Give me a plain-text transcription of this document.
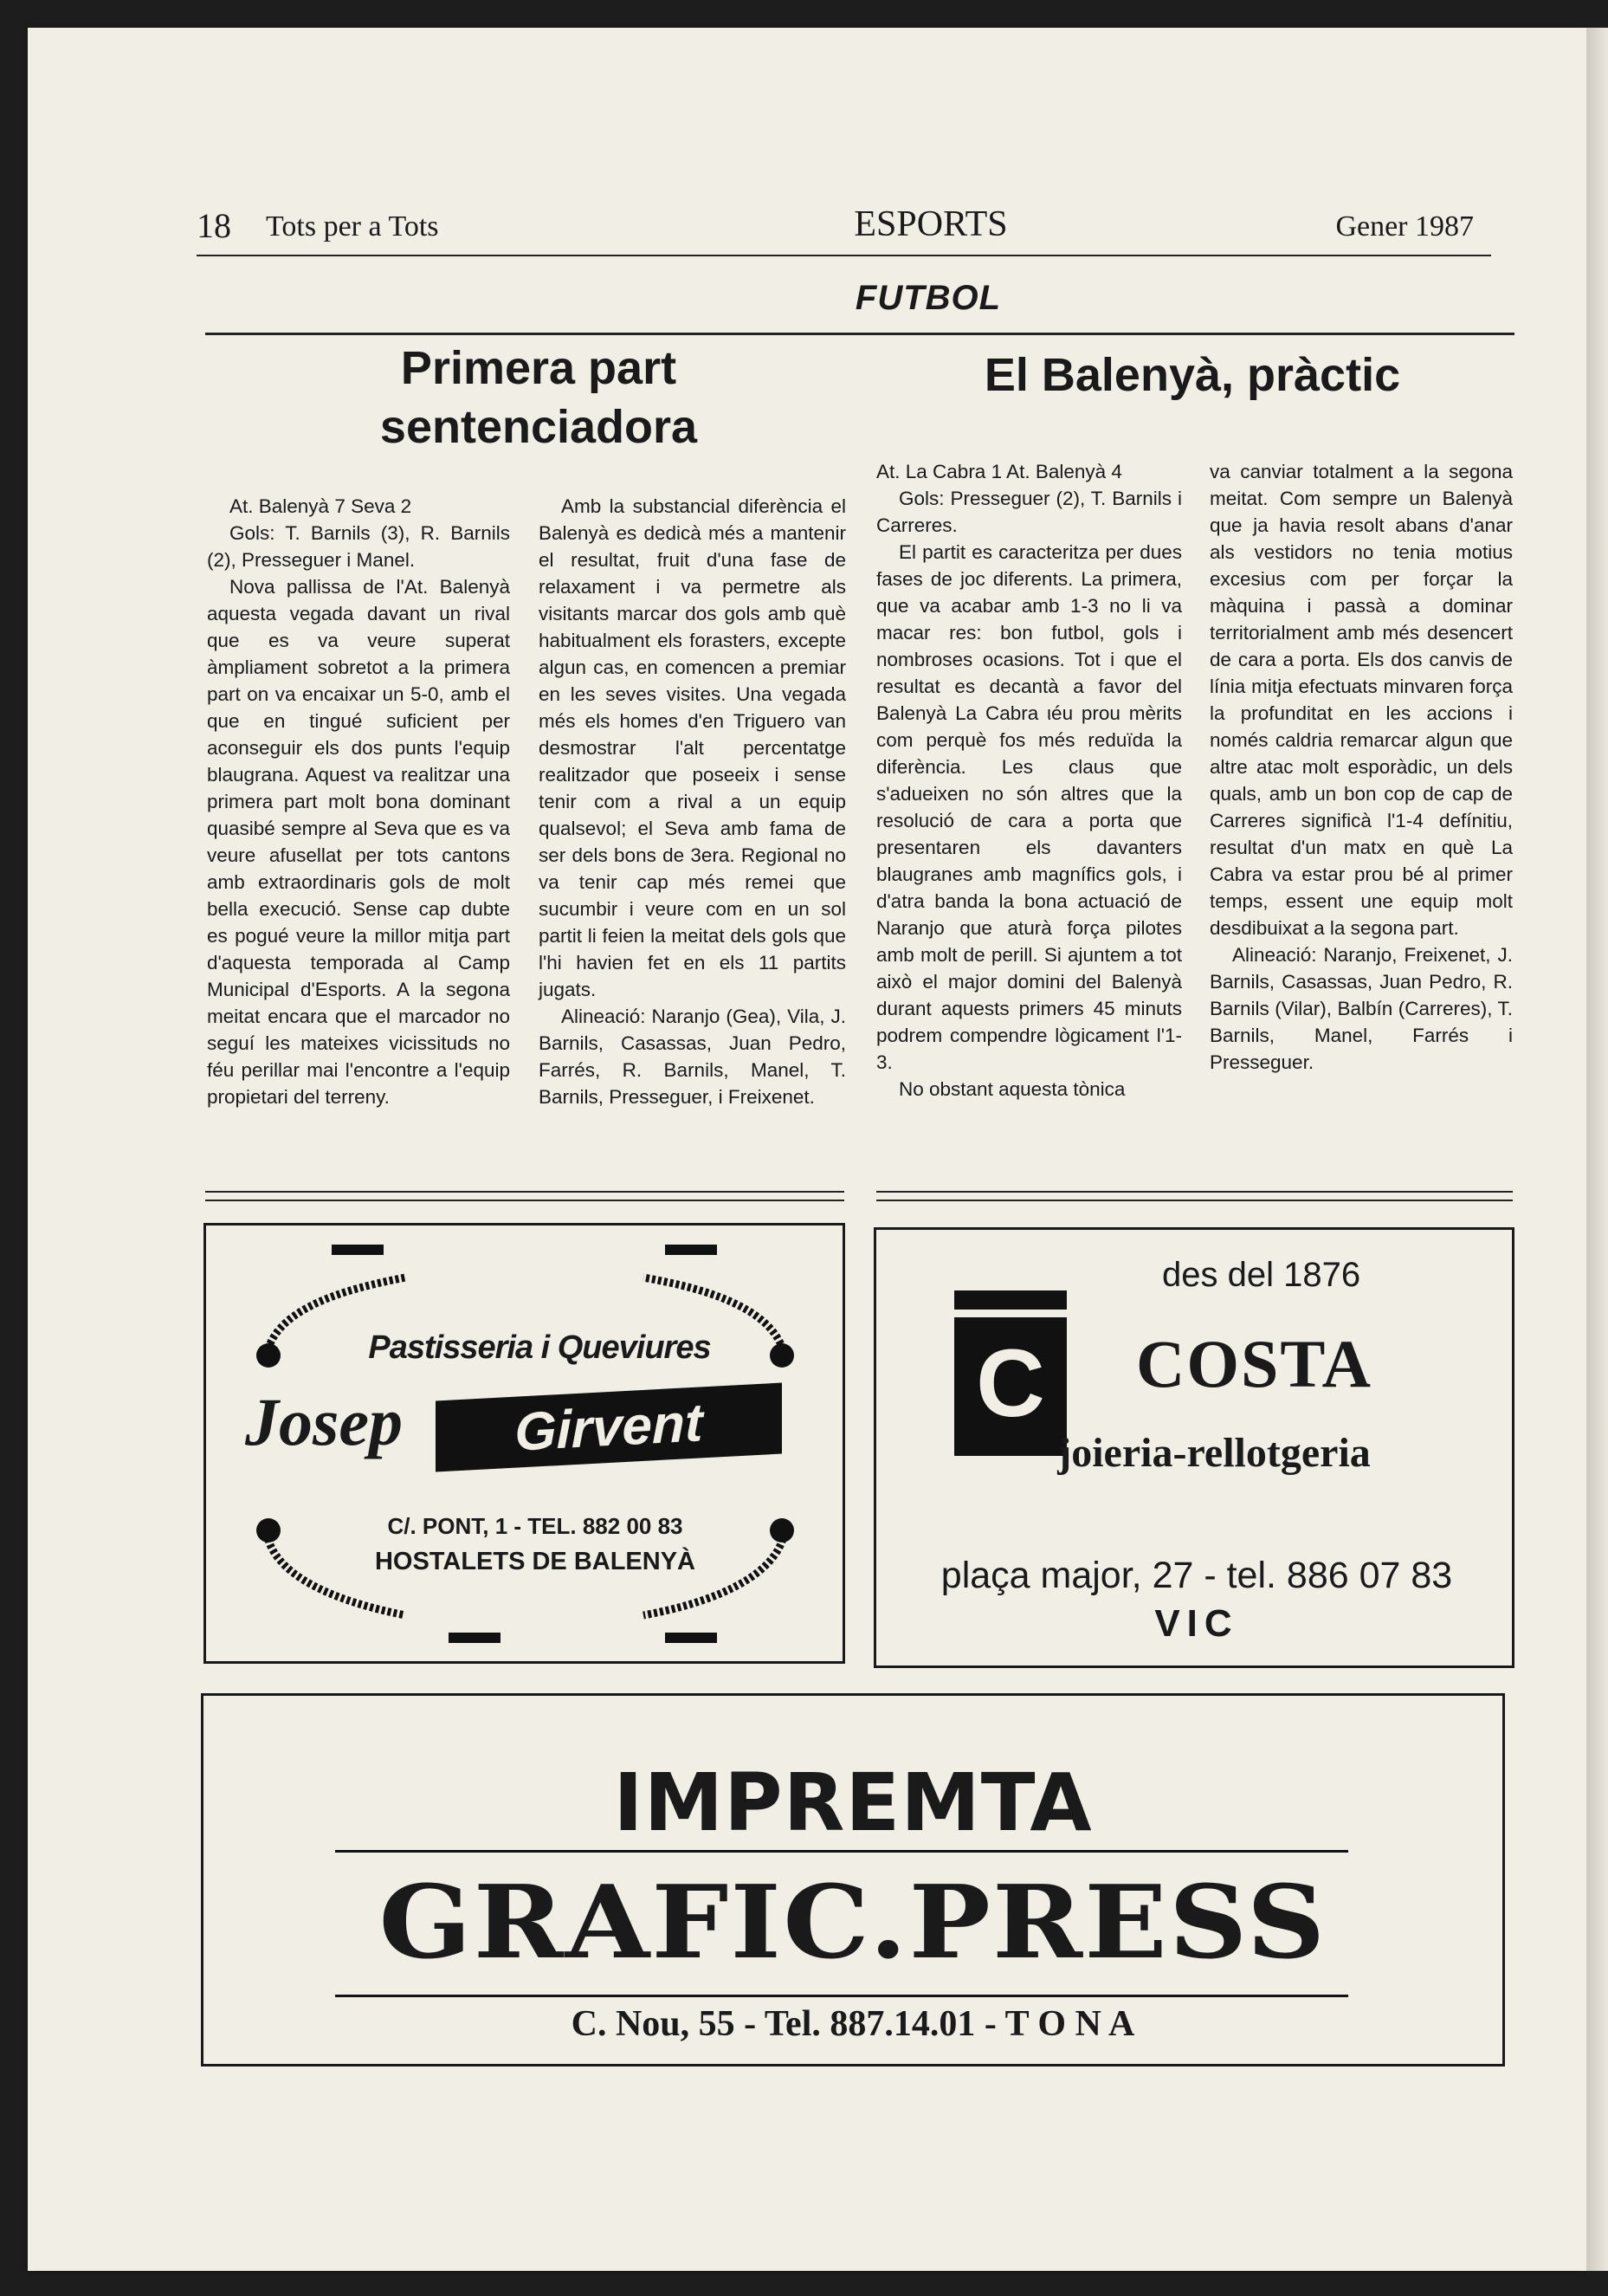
18 Tots per a Tots	ESPORTS	Gener 1987
FUTBOL
Primera part sentenciadora
El Balenyà, pràctic

At. Balenyà 7 Seva 2

Gols: T. Barnils (3), R. Barnils (2), Presseguer i Manel.

Nova pallissa de l'At. Balenyà aquesta vegada davant un rival que es va veure superat àmpliament sobretot a la primera part on va encaixar un 5-0, amb el que en tingué suficient per aconseguir els dos punts l'equip blaugrana. Aquest va realitzar una primera part molt bona dominant quasibé sempre al Seva que es va veure afusellat per tots cantons amb extraordinaris gols de molt bella execució. Sense cap dubte es pogué veure la millor mitja part d'aquesta temporada al Camp Municipal d'Esports. A la segona meitat encara que el marcador no seguí les mateixes vicissituds no féu perillar mai l'encontre a l'equip propietari del terreny.

Amb la substancial diferència el Balenyà es dedicà més a mantenir el resultat, fruit d'una fase de relaxament i va permetre als visitants marcar dos gols amb què habitualment els forasters, excepte algun cas, en comencen a premiar en les seves visites. Una vegada més els homes d'en Triguero van desmostrar l'alt percentatge realitzador que poseeix i sense tenir com a rival a un equip qualsevol; el Seva amb fama de ser dels bons de 3era. Regional no va tenir cap més remei que sucumbir i veure com en un sol partit li feien la meitat dels gols que l'hi havien fet en els 11 partits jugats.

Alineació: Naranjo (Gea), Vila, J. Barnils, Casassas, Juan Pedro, Farrés, R. Barnils, Manel, T. Barnils, Presseguer, i Freixenet.

At. La Cabra 1 At. Balenyà 4

Gols: Presseguer (2), T. Barnils i Carreres.

El partit es caracteritza per dues fases de joc diferents. La primera, que va acabar amb 1-3 no li va macar res: bon futbol, gols i nombroses ocasions. Tot i que el resultat es decantà a favor del Balenyà La Cabra ιéu prou mèrits com perquè fos més reduïda la diferència. Les claus que s'adueixen no són altres que la resolució de cara a porta que presentaren els davanters blaugranes amb magnífics gols, i d'atra banda la bona actuació de Naranjo que aturà força pilotes amb molt de perill. Si ajuntem a tot això el major domini del Balenyà durant aquests primers 45 minuts podrem compendre lògicament l'1-3.

No obstant aquesta tònica

va canviar totalment a la segona meitat. Com sempre un Balenyà que ja havia resolt abans d'anar als vestidors no tenia motius excesius com per forçar la màquina i passà a dominar territorialment amb més desencert de cara a porta. Els dos canvis de línia mitja efectuats minvaren força la profunditat en les accions i només caldria remarcar algun que altre atac molt esporàdic, un dels quals, amb un bon cop de cap de Carreres significà l'1-4 defínitiu, resultat d'un matx en què La Cabra va estar prou bé al primer temps, essent une equip molt desdibuixat a la segona part.

Alineació: Naranjo, Freixenet, J. Barnils, Casassas, Juan Pedro, R. Barnils (Vilar), Balbín (Carreres), T. Barnils, Manel, Farrés i Presseguer.

Pastisseria i Queviures
Josep Girvent
C/. PONT, 1 - TEL. 882 00 83
HOSTALETS DE BALENYÀ
des del 1876
C COSTA
joieria-rellotgeria
plaça major, 27 - tel. 886 07 83
VIC
IMPREMTA
GRAFIC.PRESS
C. Nou, 55 - Tel. 887.14.01 - T O N A
